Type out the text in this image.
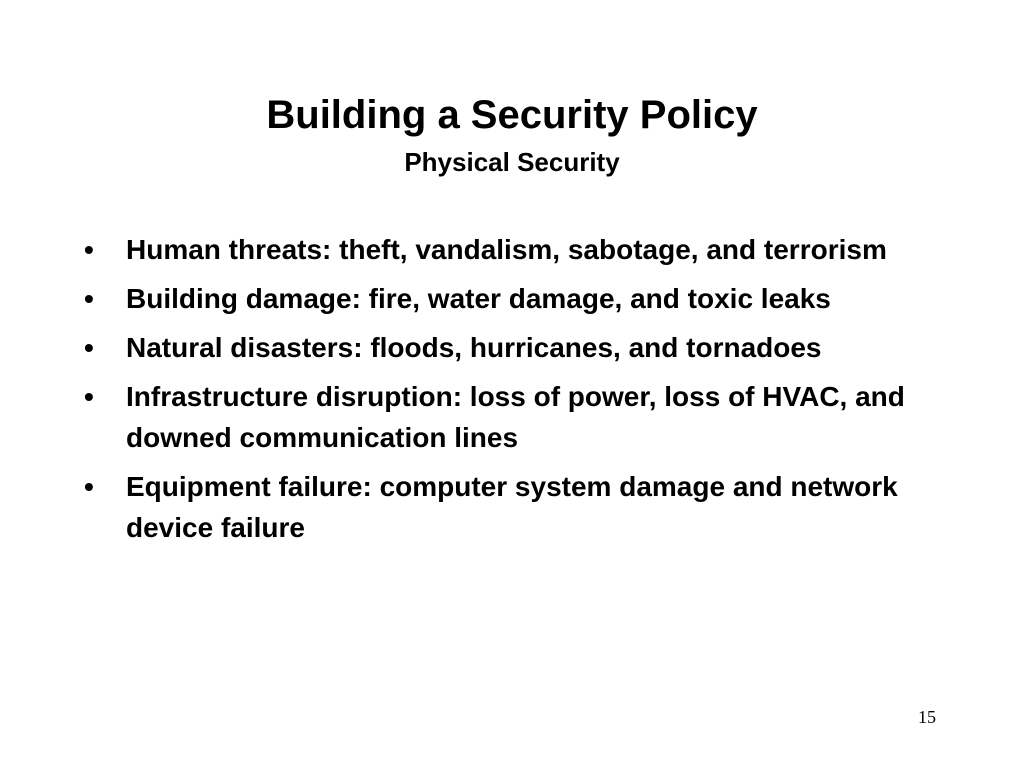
Building a Security Policy
Physical Security
•	Human threats: theft, vandalism, sabotage, and terrorism
•	Building damage: fire, water damage, and toxic leaks
•	Natural disasters: floods, hurricanes, and tornadoes
•	Infrastructure disruption: loss of power, loss of HVAC, and downed communication lines
•	Equipment failure: computer system damage and network device failure
15
